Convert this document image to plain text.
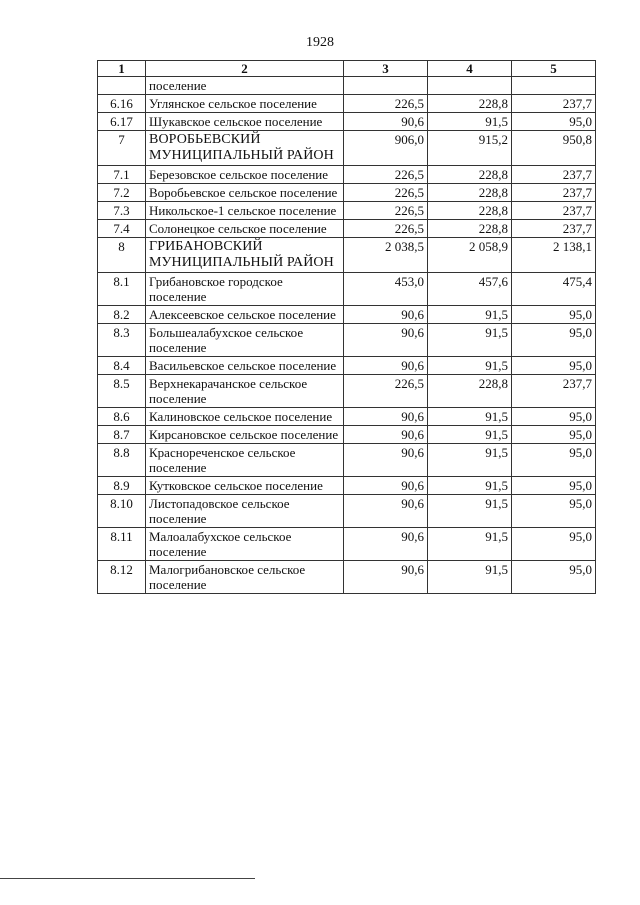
1928
1	2	3	4	5
	поселение			
6.16	Углянское сельское поселение	226,5	228,8	237,7
6.17	Шукавское сельское поселение	90,6	91,5	95,0
7	ВОРОБЬЕВСКИЙ МУНИЦИПАЛЬНЫЙ РАЙОН	906,0	915,2	950,8
7.1	Березовское сельское поселение	226,5	228,8	237,7
7.2	Воробьевское сельское поселение	226,5	228,8	237,7
7.3	Никольское-1 сельское поселение	226,5	228,8	237,7
7.4	Солонецкое сельское поселение	226,5	228,8	237,7
8	ГРИБАНОВСКИЙ МУНИЦИПАЛЬНЫЙ РАЙОН	2 038,5	2 058,9	2 138,1
8.1	Грибановское городское поселение	453,0	457,6	475,4
8.2	Алексеевское сельское поселение	90,6	91,5	95,0
8.3	Большеалабухское сельское поселение	90,6	91,5	95,0
8.4	Васильевское сельское поселение	90,6	91,5	95,0
8.5	Верхнекарачанское сельское поселение	226,5	228,8	237,7
8.6	Калиновское сельское поселение	90,6	91,5	95,0
8.7	Кирсановское сельское поселение	90,6	91,5	95,0
8.8	Краснореченское сельское поселение	90,6	91,5	95,0
8.9	Кутковское сельское поселение	90,6	91,5	95,0
8.10	Листопадовское сельское поселение	90,6	91,5	95,0
8.11	Малоалабухское сельское поселение	90,6	91,5	95,0
8.12	Малогрибановское сельское поселение	90,6	91,5	95,0
